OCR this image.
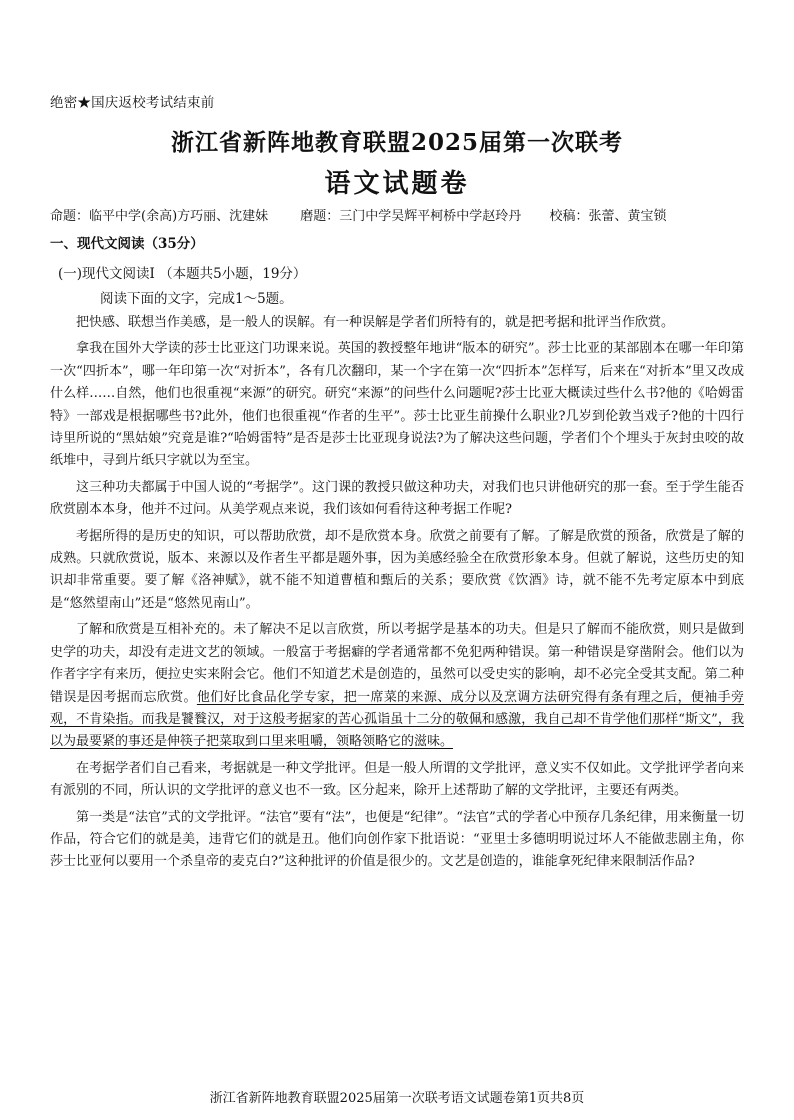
绝密★国庆返校考试结束前
浙江省新阵地教育联盟2025届第一次联考
语文试题卷
命题：临平中学(余高)方巧丽、沈建妹 磨题：三门中学吴辉平柯桥中学赵玲丹 校稿：张蕾、黄宝锁
一、现代文阅读（35分）
(一)现代文阅读I （本题共5小题，19分）
阅读下面的文字，完成1～5题。

把快感、联想当作美感，是一般人的误解。有一种误解是学者们所特有的，就是把考据和批评当作欣赏。

拿我在国外大学读的莎士比亚这门功课来说。英国的教授整年地讲“版本的研究”。莎士比亚的某部剧本在哪一年印第一次“四折本”，哪一年印第一次“对折本”，各有几次翻印，某一个字在第一次“四折本”怎样写，后来在“对折本”里又改成什么样……自然，他们也很重视“来源”的研究。研究“来源”的问些什么问题呢?莎士比亚大概读过些什么书?他的《哈姆雷特》一部戏是根据哪些书?此外，他们也很重视“作者的生平”。莎士比亚生前操什么职业?几岁到伦敦当戏子?他的十四行诗里所说的“黑姑娘”究竟是谁?“哈姆雷特”是否是莎士比亚现身说法?为了解决这些问题，学者们个个埋头于灰封虫咬的故纸堆中，寻到片纸只字就以为至宝。

这三种功夫都属于中国人说的“考据学”。这门课的教授只做这种功夫，对我们也只讲他研究的那一套。至于学生能否欣赏剧本本身，他并不过问。从美学观点来说，我们该如何看待这种考据工作呢?

考据所得的是历史的知识，可以帮助欣赏，却不是欣赏本身。欣赏之前要有了解。了解是欣赏的预备，欣赏是了解的成熟。只就欣赏说，版本、来源以及作者生平都是题外事，因为美感经验全在欣赏形象本身。但就了解说，这些历史的知识却非常重要。要了解《洛神赋》，就不能不知道曹植和甄后的关系；要欣赏《饮酒》诗，就不能不先考定原本中到底是“悠然望南山”还是“悠然见南山”。

了解和欣赏是互相补充的。未了解决不足以言欣赏，所以考据学是基本的功夫。但是只了解而不能欣赏，则只是做到史学的功夫，却没有走进文艺的领域。一般富于考据癖的学者通常都不免犯两种错误。第一种错误是穿凿附会。他们以为作者字字有来历，便拉史实来附会它。他们不知道艺术是创造的，虽然可以受史实的影响，却不必完全受其支配。第二种错误是因考据而忘欣赏。他们好比食品化学专家，把一席菜的来源、成分以及烹调方法研究得有条有理之后，便袖手旁观，不肯染指。而我是饕餮汉，对于这般考据家的苦心孤诣虽十二分的敬佩和感激，我自己却不肯学他们那样“斯文”，我以为最要紧的事还是伸筷子把菜取到口里来咀嚼，领略领略它的滋味。

在考据学者们自己看来，考据就是一种文学批评。但是一般人所谓的文学批评，意义实不仅如此。文学批评学者向来有派别的不同，所认识的文学批评的意义也不一致。区分起来，除开上述帮助了解的文学批评，主要还有两类。

第一类是“法官”式的文学批评。“法官”要有“法”，也便是“纪律”。“法官”式的学者心中预存几条纪律，用来衡量一切作品，符合它们的就是美，违背它们的就是丑。他们向创作家下批语说：“亚里士多德明明说过坏人不能做悲剧主角，你莎士比亚何以要用一个杀皇帝的麦克白?”这种批评的价值是很少的。文艺是创造的，谁能拿死纪律来限制活作品?

浙江省新阵地教育联盟2025届第一次联考语文试题卷第1页共8页
